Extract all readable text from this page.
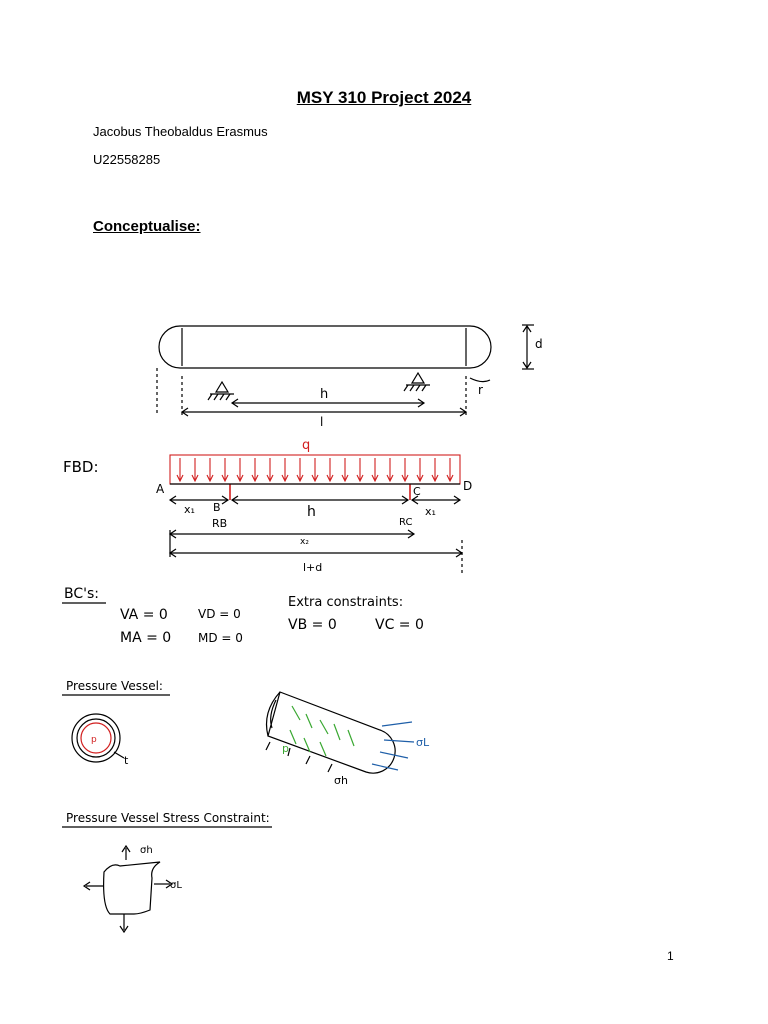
MSY 310 Project 2024
Jacobus Theobaldus Erasmus
U22558285
Conceptualise:
h
l
d
r
FBD:
q
A
B
C	D
x₁	h	x₁
RB	RC
x₂
l+d
BC's:
VA = 0	VD = 0
MA = 0 MD = 0
Extra constraints:
VB = 0	VC = 0
Pressure Vessel:
p
t
p	σL
σh
Pressure Vessel Stress Constraint:
σh
σL
1
